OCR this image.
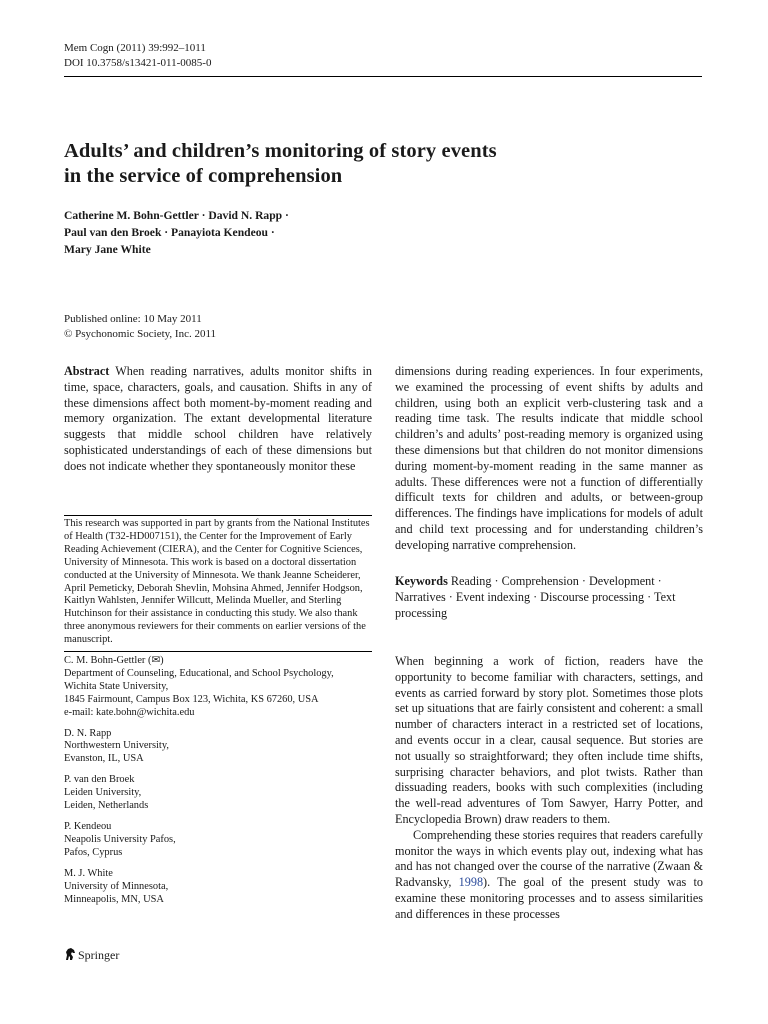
Mem Cogn (2011) 39:992–1011
DOI 10.3758/s13421-011-0085-0
Adults’ and children’s monitoring of story events
in the service of comprehension
Catherine M. Bohn-Gettler · David N. Rapp ·
Paul van den Broek · Panayiota Kendeou ·
Mary Jane White
Published online: 10 May 2011
© Psychonomic Society, Inc. 2011
Abstract When reading narratives, adults monitor shifts in time, space, characters, goals, and causation. Shifts in any of these dimensions affect both moment-by-moment reading and memory organization. The extant developmental literature suggests that middle school children have relatively sophisticated understandings of each of these dimensions but does not indicate whether they spontaneously monitor these
This research was supported in part by grants from the National Institutes of Health (T32-HD007151), the Center for the Improvement of Early Reading Achievement (CIERA), and the Center for Cognitive Sciences, University of Minnesota. This work is based on a doctoral dissertation conducted at the University of Minnesota. We thank Jeanne Scheiderer, April Pemeticky, Deborah Shevlin, Mohsina Ahmed, Jennifer Hodgson, Kaitlyn Wahlsten, Jennifer Willcutt, Melinda Mueller, and Sterling Hutchinson for their assistance in conducting this study. We also thank three anonymous reviewers for their comments on earlier versions of the manuscript.
C. M. Bohn-Gettler (✉)
Department of Counseling, Educational, and School Psychology,
Wichita State University,
1845 Fairmount, Campus Box 123, Wichita, KS 67260, USA
e-mail: kate.bohn@wichita.edu
D. N. Rapp
Northwestern University,
Evanston, IL, USA
P. van den Broek
Leiden University,
Leiden, Netherlands
P. Kendeou
Neapolis University Pafos,
Pafos, Cyprus
M. J. White
University of Minnesota,
Minneapolis, MN, USA
dimensions during reading experiences. In four experiments, we examined the processing of event shifts by adults and children, using both an explicit verb-clustering task and a reading time task. The results indicate that middle school children’s and adults’ post-reading memory is organized using these dimensions but that children do not monitor dimensions during moment-by-moment reading in the same manner as adults. These differences were not a function of differentially difficult texts for children and adults, or between-group differences. The findings have implications for models of adult and child text processing and for understanding children’s developing narrative comprehension.
Keywords Reading · Comprehension · Development · Narratives · Event indexing · Discourse processing · Text processing
When beginning a work of fiction, readers have the opportunity to become familiar with characters, settings, and events as carried forward by story plot. Sometimes those plots set up situations that are fairly consistent and coherent: a small number of characters interact in a restricted set of locations, and events occur in a clear, causal sequence. But stories are not usually so straightforward; they often include time shifts, surprising character behaviors, and plot twists. Rather than dissuading readers, books with such complexities (including the well-read adventures of Tom Sawyer, Harry Potter, and Encyclopedia Brown) draw readers to them.
Comprehending these stories requires that readers carefully monitor the ways in which events play out, indexing what has and has not changed over the course of the narrative (Zwaan & Radvansky, 1998). The goal of the present study was to examine these monitoring processes and to assess similarities and differences in these processes
Springer
